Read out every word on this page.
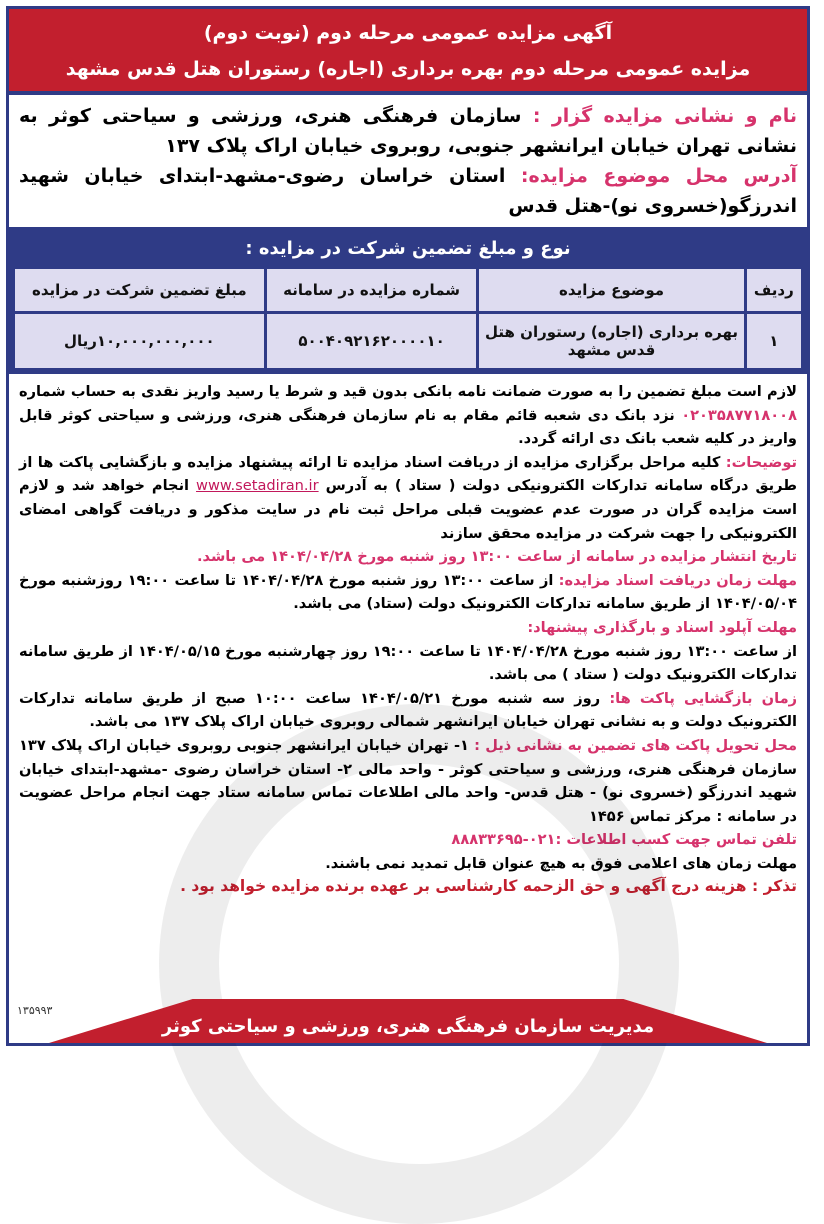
آگهی مزایده عمومی مرحله دوم (نوبت دوم)
مزایده عمومی مرحله دوم بهره برداری (اجاره) رستوران هتل قدس مشهد
نام و نشانی مزایده گزار : سازمان فرهنگی هنری، ورزشی و سیاحتی کوثر به نشانی تهران خیابان ایرانشهر جنوبی، روبروی خیابان اراک پلاک ۱۳۷
آدرس محل موضوع مزایده: استان خراسان رضوی-مشهد-ابتدای خیابان شهید اندرزگو(خسروی نو)-هتل قدس
نوع و مبلغ تضمین شرکت در مزایده :
ردیف	موضوع مزایده	شماره مزایده در سامانه	مبلغ تضمین شرکت در مزایده
۱	بهره برداری (اجاره) رستوران هتل قدس مشهد	۵۰۰۴۰۹۲۱۶۲۰۰۰۰۱۰	۱۰,۰۰۰,۰۰۰,۰۰۰ریال

لازم است مبلغ تضمین را به صورت ضمانت نامه بانکی بدون قید و شرط یا رسید واریز نقدی به حساب شماره ۰۲۰۳۵۸۷۷۱۸۰۰۸ نزد بانک دی شعبه قائم مقام به نام سازمان فرهنگی هنری، ورزشی و سیاحتی کوثر قابل واریز در کلیه شعب بانک دی ارائه گردد.

توضیحات: کلیه مراحل برگزاری مزایده از دریافت اسناد مزایده تا ارائه پیشنهاد مزایده و بازگشایی پاکت ها از طریق درگاه سامانه تدارکات الکترونیکی دولت ( ستاد ) به آدرس www.setadiran.ir انجام خواهد شد و لازم است مزایده گران در صورت عدم عضویت قبلی مراحل ثبت نام در سایت مذکور و دریافت گواهی امضای الکترونیکی را جهت شرکت در مزایده محقق سازند

تاریخ انتشار مزایده در سامانه از ساعت ۱۳:۰۰ روز شنبه مورخ ۱۴۰۴/۰۴/۲۸ می باشد.

مهلت زمان دریافت اسناد مزایده: از ساعت ۱۳:۰۰ روز شنبه مورخ ۱۴۰۴/۰۴/۲۸ تا ساعت ۱۹:۰۰ روزشنبه مورخ ۱۴۰۴/۰۵/۰۴ از طریق سامانه تدارکات الکترونیک دولت (ستاد) می باشد.

مهلت آپلود اسناد و بارگذاری پیشنهاد:
از ساعت ۱۳:۰۰ روز شنبه مورخ ۱۴۰۴/۰۴/۲۸ تا ساعت ۱۹:۰۰ روز چهارشنبه مورخ ۱۴۰۴/۰۵/۱۵ از طریق سامانه تدارکات الکترونیک دولت ( ستاد ) می باشد.

زمان بازگشایی پاکت ها: روز سه شنبه مورخ ۱۴۰۴/۰۵/۲۱ ساعت ۱۰:۰۰ صبح از طریق سامانه تدارکات الکترونیک دولت و به نشانی تهران خیابان ایرانشهر شمالی روبروی خیابان اراک پلاک ۱۳۷ می باشد.

محل تحویل پاکت های تضمین به نشانی ذیل : ۱- تهران خیابان ایرانشهر جنوبی روبروی خیابان اراک پلاک ۱۳۷ سازمان فرهنگی هنری، ورزشی و سیاحتی کوثر - واحد مالی ۲- استان خراسان رضوی -مشهد-ابتدای خیابان شهید اندرزگو (خسروی نو) - هتل قدس- واحد مالی اطلاعات تماس سامانه ستاد جهت انجام مراحل عضویت در سامانه : مرکز تماس ۱۴۵۶

تلفن تماس جهت کسب اطلاعات :۰۲۱-۸۸۸۳۳۶۹۵

مهلت زمان های اعلامی فوق به هیچ عنوان قابل تمدید نمی باشند.

تذکر : هزینه درج آگهی و حق الزحمه کارشناسی بر عهده برنده مزایده خواهد بود .

مدیریت سازمان فرهنگی هنری، ورزشی و سیاحتی کوثر
۱۳۵۹۹۳
